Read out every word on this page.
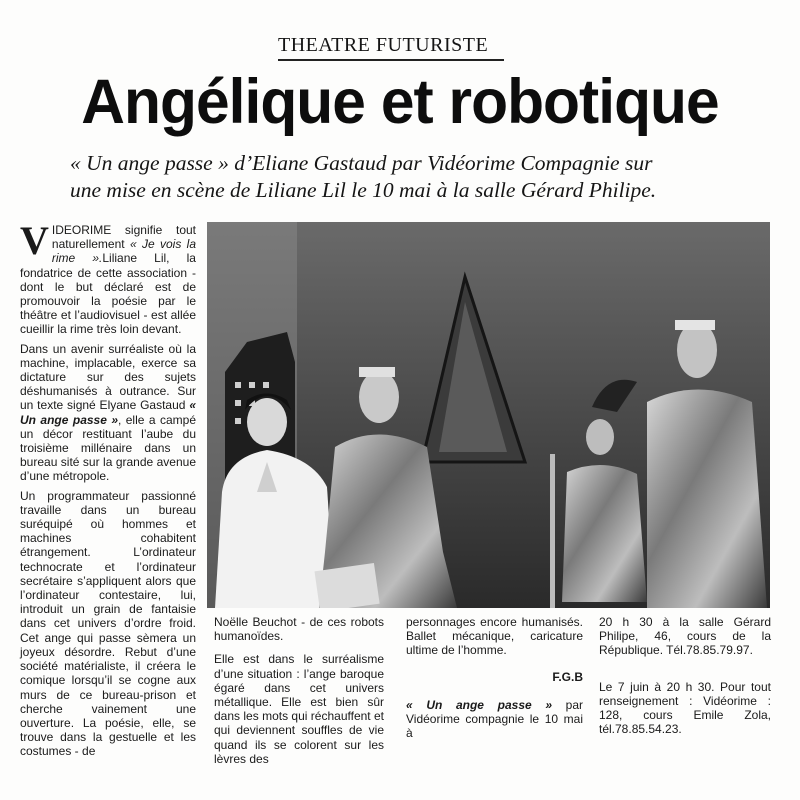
THEATRE FUTURISTE
Angélique et robotique
« Un ange passe » d’Eliane Gastaud par Vidéorime Compagnie sur
une mise en scène de Liliane Lil le 10 mai à la salle Gérard Philipe.

VIDEORIME signifie tout naturellement « Je vois la rime ».Liliane Lil, la fondatrice de cette association - dont le but déclaré est de promouvoir la poésie par le théâtre et l’audiovisuel - est allée cueillir la rime très loin devant.

Dans un avenir surréaliste où la machine, implacable, exerce sa dictature sur des sujets déshumanisés à outrance. Sur un texte signé Elyane Gastaud « Un ange passe », elle a campé un décor restituant l’aube du troisième millénaire dans un bureau sité sur la grande avenue d’une métropole.

Un programmateur passionné travaille dans un bureau suréquipé où hommes et machines cohabitent étrangement. L’ordinateur technocrate et l’ordinateur secrétaire s’appliquent alors que l’ordinateur contestaire, lui, introduit un grain de fantaisie dans cet univers d’ordre froid. Cet ange qui passe sèmera un joyeux désordre. Rebut d’une société matérialiste, il créera le comique lorsqu’il se cogne aux murs de ce bureau-prison et cherche vainement une ouverture. La poésie, elle, se trouve dans la gestuelle et les costumes - de

Noëlle Beuchot - de ces robots humanoïdes.

Elle est dans le surréalisme d’une situation : l’ange baroque égaré dans cet univers métallique. Elle est bien sûr dans les mots qui réchauffent et qui deviennent souffles de vie quand ils se colorent sur les lèvres des

personnages encore humanisés. Ballet mécanique, caricature ultime de l’homme.

F.G.B

« Un ange passe » par Vidéorime compagnie le 10 mai à

20 h 30 à la salle Gérard Philipe, 46, cours de la République. Tél.78.85.79.97.

Le 7 juin à 20 h 30. Pour tout renseignement : Vidéorime : 128, cours Emile Zola, tél.78.85.54.23.
